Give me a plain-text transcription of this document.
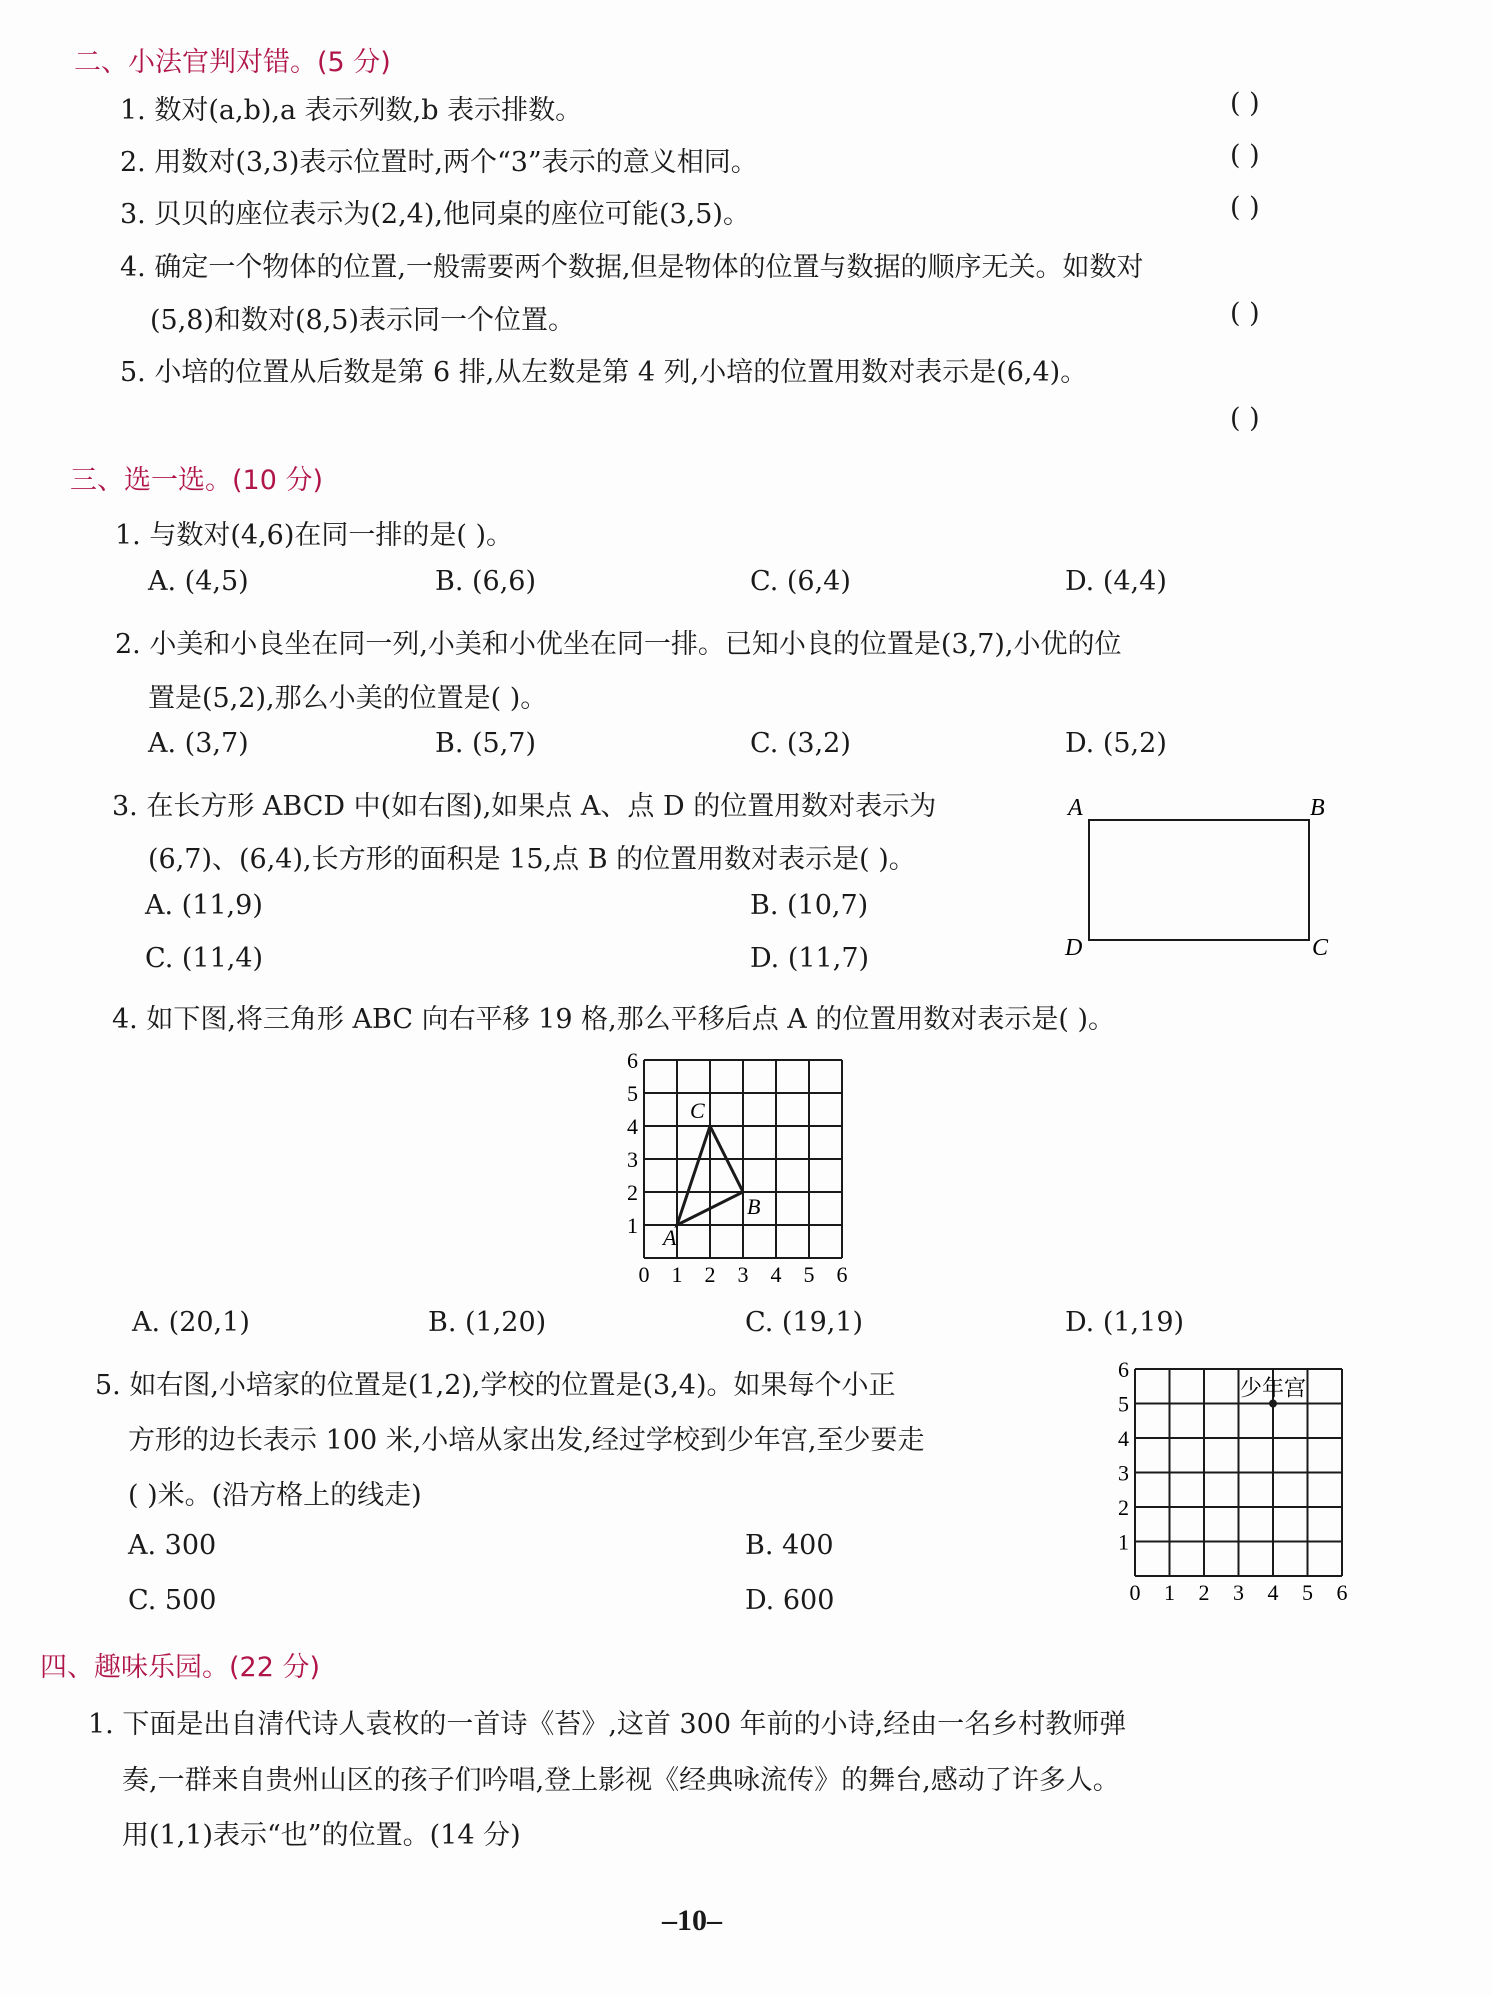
二、小法官判对错。(5 分)
1. 数对(a,b),a 表示列数,b 表示排数。	( )
2. 用数对(3,3)表示位置时,两个“3”表示的意义相同。	( )
3. 贝贝的座位表示为(2,4),他同桌的座位可能(3,5)。	( )
4. 确定一个物体的位置,一般需要两个数据,但是物体的位置与数据的顺序无关。如数对
(5,8)和数对(8,5)表示同一个位置。	( )
5. 小培的位置从后数是第 6 排,从左数是第 4 列,小培的位置用数对表示是(6,4)。
( )
三、选一选。(10 分)
1. 与数对(4,6)在同一排的是( )。
A. (4,5)	B. (6,6)	C. (6,4)	D. (4,4)
2. 小美和小良坐在同一列,小美和小优坐在同一排。已知小良的位置是(3,7),小优的位
置是(5,2),那么小美的位置是( )。
A. (3,7)	B. (5,7)	C. (3,2)	D. (5,2)
3. 在长方形 ABCD 中(如右图),如果点 A、点 D 的位置用数对表示为
(6,7)、(6,4),长方形的面积是 15,点 B 的位置用数对表示是( )。
A. (11,9)	B. (10,7)
C. (11,4)	D. (11,7)
A	B
C
D
4. 如下图,将三角形 ABC 向右平移 19 格,那么平移后点 A 的位置用数对表示是( )。
0 1 2 3 4 5 6
1
2
3
4
5
6
A
B
C
A. (20,1)	B. (1,20)	C. (19,1)	D. (1,19)
5. 如右图,小培家的位置是(1,2),学校的位置是(3,4)。如果每个小正
方形的边长表示 100 米,小培从家出发,经过学校到少年宫,至少要走
( )米。(沿方格上的线走)
A. 300	B. 400
C. 500	D. 600	0 1 2 3 4 5 6
1
2
3
4
5
6
少年宫
四、趣味乐园。(22 分)
1. 下面是出自清代诗人袁枚的一首诗《苔》,这首 300 年前的小诗,经由一名乡村教师弹
奏,一群来自贵州山区的孩子们吟唱,登上影视《经典咏流传》的舞台,感动了许多人。
用(1,1)表示“也”的位置。(14 分)
–10–
